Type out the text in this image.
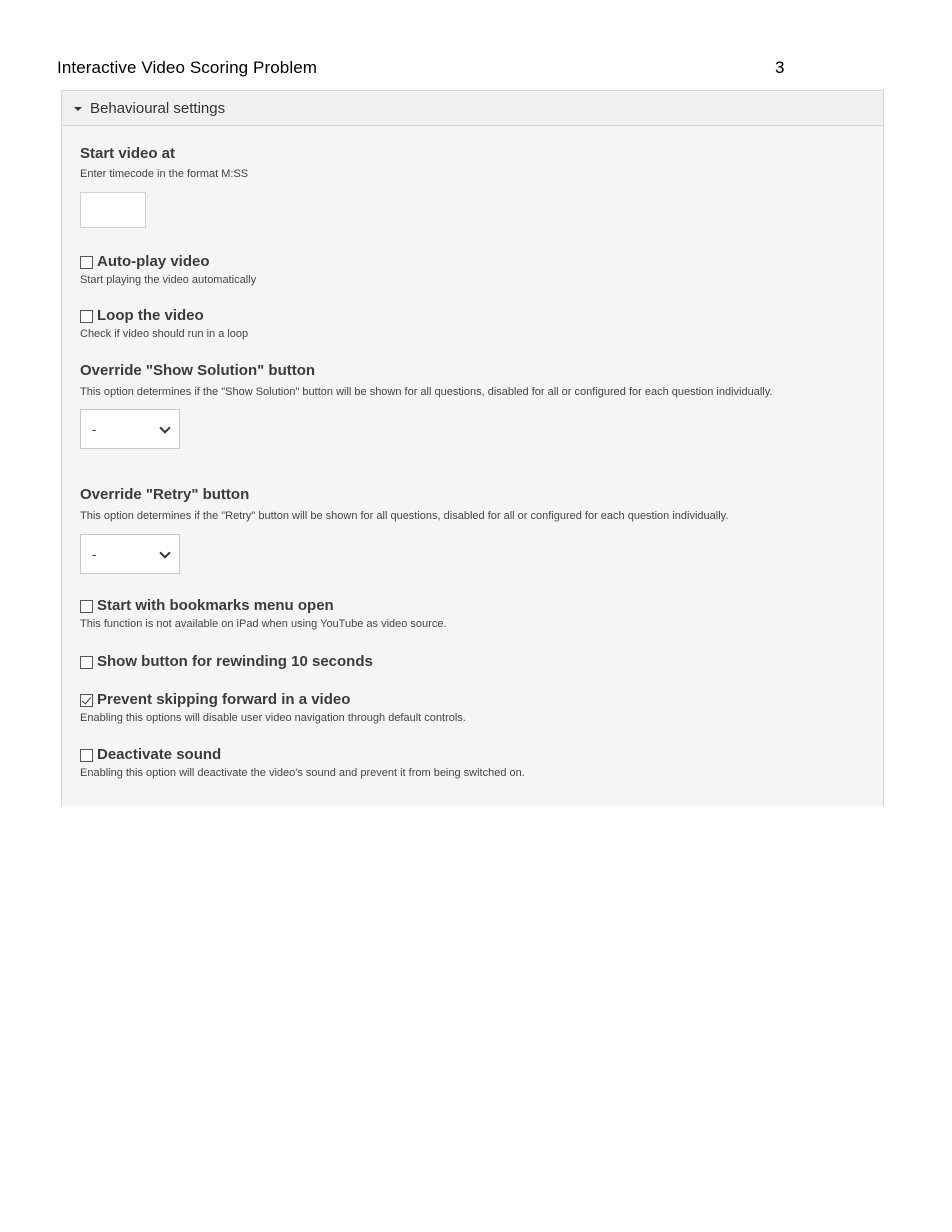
Interactive Video Scoring Problem	3
Behavioural settings
Start video at
Enter timecode in the format M:SS
Auto-play video
Start playing the video automatically
Loop the video
Check if video should run in a loop
Override "Show Solution" button
This option determines if the "Show Solution" button will be shown for all questions, disabled for all or configured for each question individually.
-
Override "Retry" button
This option determines if the "Retry" button will be shown for all questions, disabled for all or configured for each question individually.
-
Start with bookmarks menu open
This function is not available on iPad when using YouTube as video source.
Show button for rewinding 10 seconds
Prevent skipping forward in a video
Enabling this options will disable user video navigation through default controls.
Deactivate sound
Enabling this option will deactivate the video's sound and prevent it from being switched on.
